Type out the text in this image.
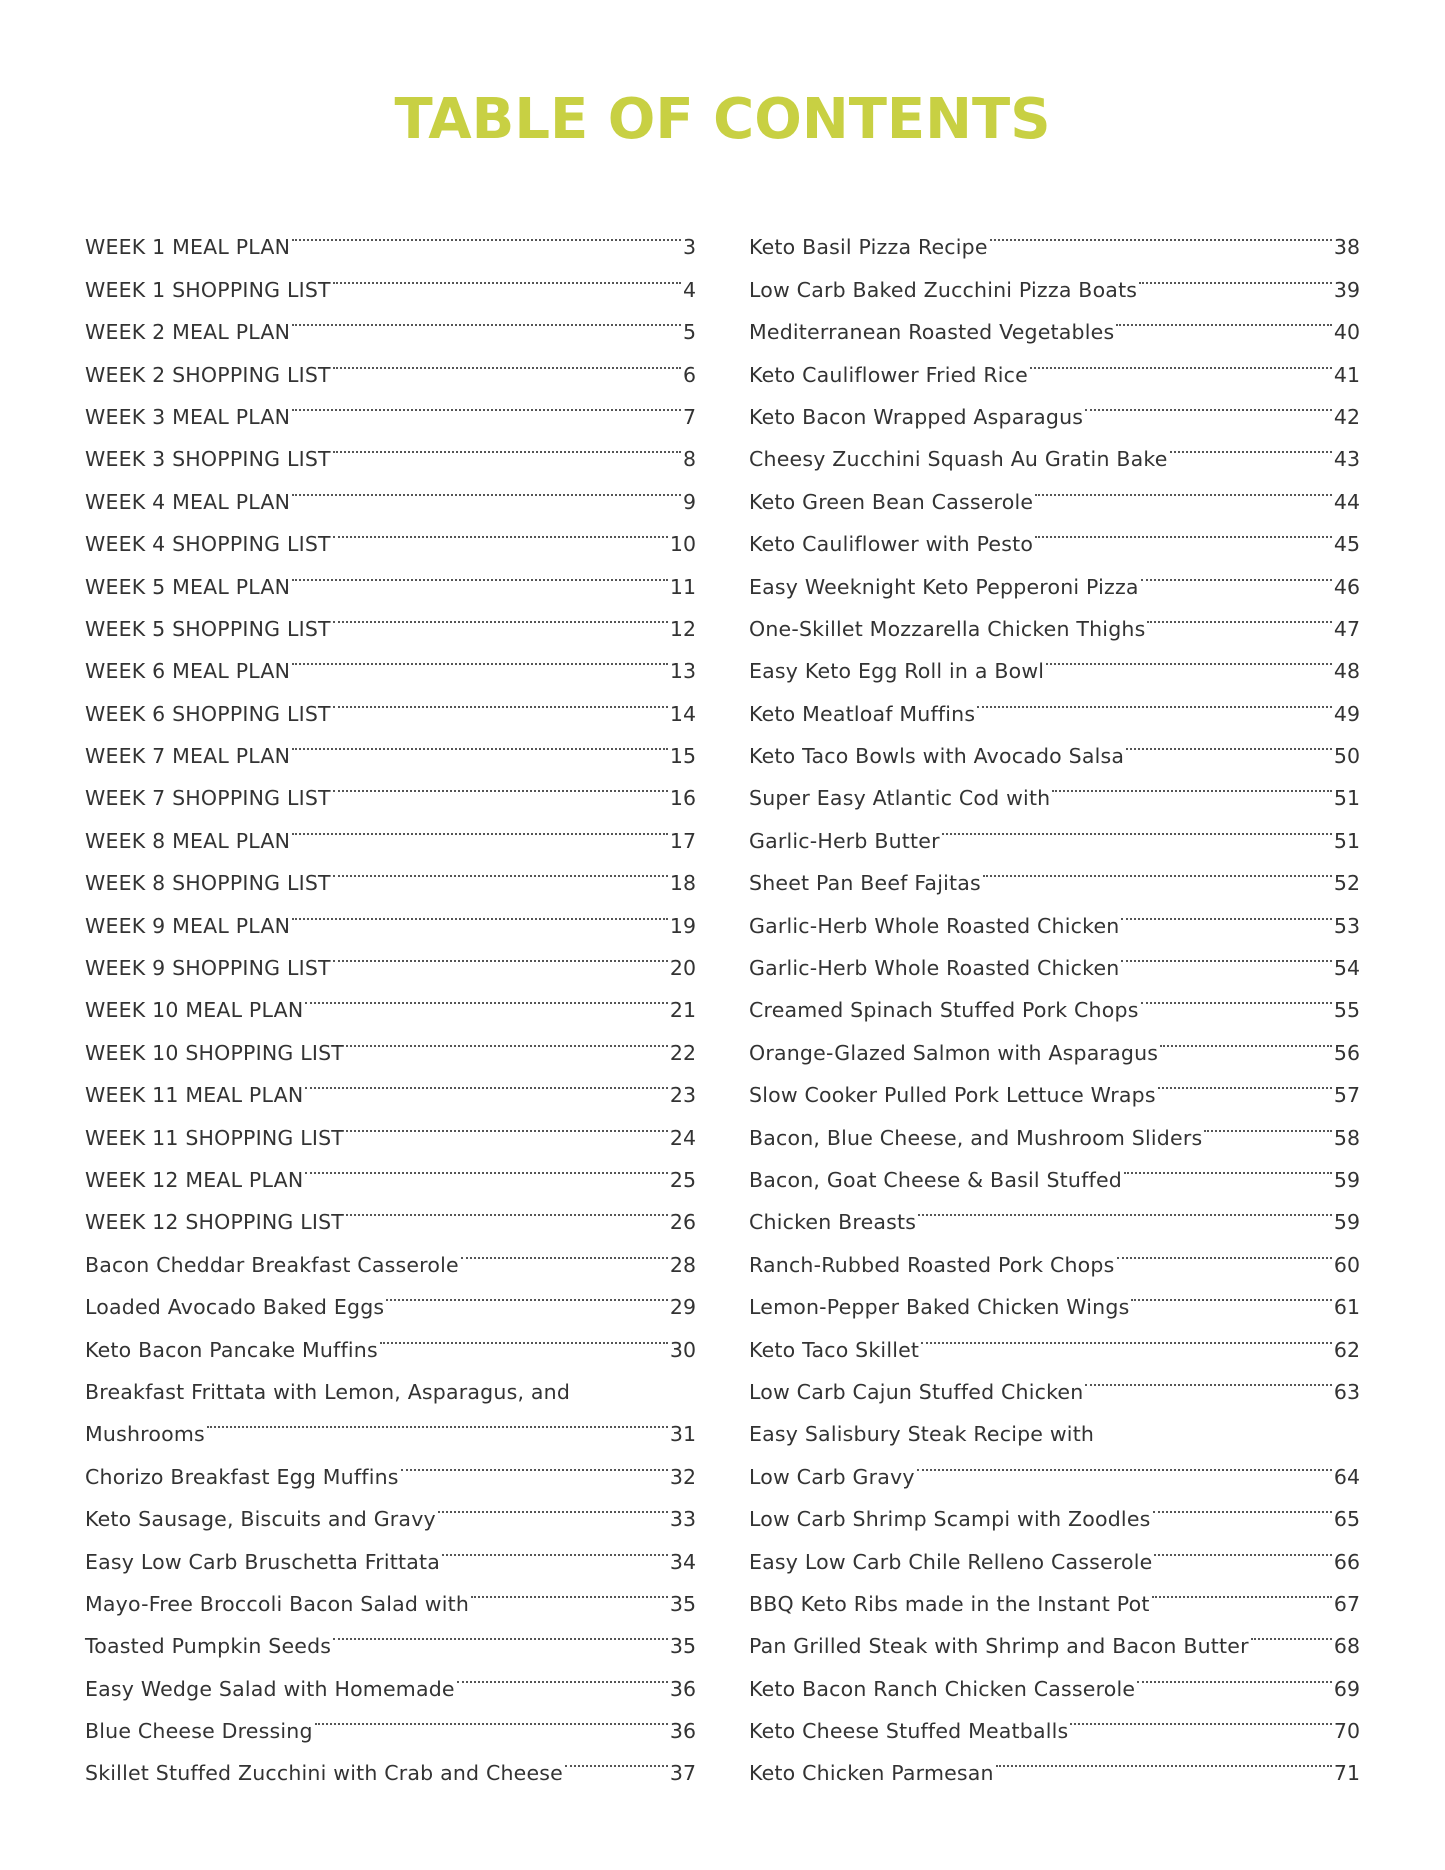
TABLE OF CONTENTS
WEEK 1 MEAL PLAN	3
WEEK 1 SHOPPING LIST	4
WEEK 2 MEAL PLAN	5
WEEK 2 SHOPPING LIST	6
WEEK 3 MEAL PLAN	7
WEEK 3 SHOPPING LIST	8
WEEK 4 MEAL PLAN	9
WEEK 4 SHOPPING LIST	10
WEEK 5 MEAL PLAN	11
WEEK 5 SHOPPING LIST	12
WEEK 6 MEAL PLAN	13
WEEK 6 SHOPPING LIST	14
WEEK 7 MEAL PLAN	15
WEEK 7 SHOPPING LIST	16
WEEK 8 MEAL PLAN	17
WEEK 8 SHOPPING LIST	18
WEEK 9 MEAL PLAN	19
WEEK 9 SHOPPING LIST	20
WEEK 10 MEAL PLAN	21
WEEK 10 SHOPPING LIST	22
WEEK 11 MEAL PLAN	23
WEEK 11 SHOPPING LIST	24
WEEK 12 MEAL PLAN	25
WEEK 12 SHOPPING LIST	26
Bacon Cheddar Breakfast Casserole	28
Loaded Avocado Baked Eggs	29
Keto Bacon Pancake Muffins	30
Breakfast Frittata with Lemon, Asparagus, and
Mushrooms	31
Chorizo Breakfast Egg Muffins	32
Keto Sausage, Biscuits and Gravy	33
Easy Low Carb Bruschetta Frittata	34
Mayo-Free Broccoli Bacon Salad with	35
Toasted Pumpkin Seeds	35
Easy Wedge Salad with Homemade	36
Blue Cheese Dressing	36
Skillet Stuffed Zucchini with Crab and Cheese	37
Keto Basil Pizza Recipe	38
Low Carb Baked Zucchini Pizza Boats	39
Mediterranean Roasted Vegetables	40
Keto Cauliflower Fried Rice	41
Keto Bacon Wrapped Asparagus	42
Cheesy Zucchini Squash Au Gratin Bake	43
Keto Green Bean Casserole	44
Keto Cauliflower with Pesto	45
Easy Weeknight Keto Pepperoni Pizza	46
One-Skillet Mozzarella Chicken Thighs	47
Easy Keto Egg Roll in a Bowl	48
Keto Meatloaf Muffins	49
Keto Taco Bowls with Avocado Salsa	50
Super Easy Atlantic Cod with	51
Garlic-Herb Butter	51
Sheet Pan Beef Fajitas	52
Garlic-Herb Whole Roasted Chicken	53
Garlic-Herb Whole Roasted Chicken	54
Creamed Spinach Stuffed Pork Chops	55
Orange-Glazed Salmon with Asparagus	56
Slow Cooker Pulled Pork Lettuce Wraps	57
Bacon, Blue Cheese, and Mushroom Sliders	58
Bacon, Goat Cheese & Basil Stuffed	59
Chicken Breasts	59
Ranch-Rubbed Roasted Pork Chops	60
Lemon-Pepper Baked Chicken Wings	61
Keto Taco Skillet	62
Low Carb Cajun Stuffed Chicken	63
Easy Salisbury Steak Recipe with
Low Carb Gravy	64
Low Carb Shrimp Scampi with Zoodles	65
Easy Low Carb Chile Relleno Casserole	66
BBQ Keto Ribs made in the Instant Pot	67
Pan Grilled Steak with Shrimp and Bacon Butter	68
Keto Bacon Ranch Chicken Casserole	69
Keto Cheese Stuffed Meatballs	70
Keto Chicken Parmesan	71
